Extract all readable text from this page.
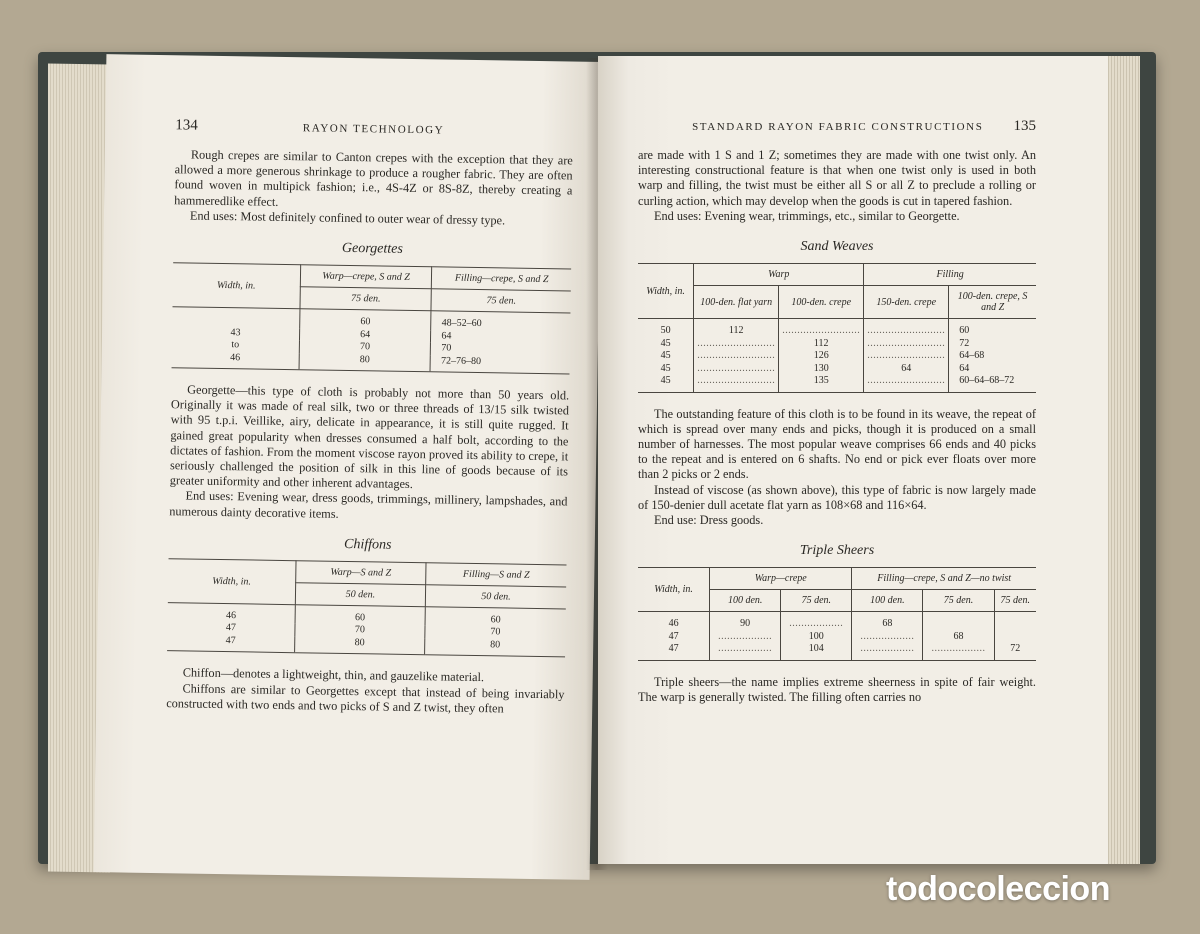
134	RAYON TECHNOLOGY

Rough crepes are similar to Canton crepes with the exception that they are allowed a more generous shrinkage to produce a rougher fabric. They are often found woven in multipick fashion; i.e., 4S-4Z or 8S-8Z, thereby creating a hammeredlike effect.

End uses: Most definitely confined to outer wear of dressy type.

Georgettes
Width, in.	Warp—crepe, S and Z	Filling—crepe, S and Z
	75 den.	75 den.
	60	48–52–60
43	64	64
to	70	70
46	80	72–76–80

Georgette—this type of cloth is probably not more than 50 years old. Originally it was made of real silk, two or three threads of 13/15 silk twisted with 95 t.p.i. Veillike, airy, delicate in appearance, it is still quite rugged. It gained great popularity when dresses consumed a half bolt, according to the dictates of fashion. From the moment viscose rayon proved its ability to crepe, it seriously challenged the position of silk in this line of goods because of its greater uniformity and other inherent advantages.

End uses: Evening wear, dress goods, trimmings, millinery, lampshades, and numerous dainty decorative items.

Chiffons
Width, in.	Warp—S and Z	Filling—S and Z
	50 den.	50 den.
46	60	60
47	70	70
47	80	80

Chiffon—denotes a lightweight, thin, and gauzelike material.

Chiffons are similar to Georgettes except that instead of being invariably constructed with two ends and two picks of S and Z twist, they often

STANDARD RAYON FABRIC CONSTRUCTIONS 135

are made with 1 S and 1 Z; sometimes they are made with one twist only. An interesting constructional feature is that when one twist only is used in both warp and filling, the twist must be either all S or all Z to preclude a rolling or curling action, which may develop when the goods is cut in tapered fashion.

End uses: Evening wear, trimmings, etc., similar to Georgette.

Sand Weaves
Width, in.	Warp		Filling	
	100-den. flat yarn	100-den. crepe	150-den. crepe	100-den. crepe, S and Z
50	112	..........................	..........................	60
45	..........................	112	..........................	72
45	..........................	126	..........................	64–68
45	..........................	130	64	64
45	..........................	135	..........................	60–64–68–72

The outstanding feature of this cloth is to be found in its weave, the repeat of which is spread over many ends and picks, though it is produced on a small number of harnesses. The most popular weave comprises 66 ends and 40 picks to the repeat and is entered on 6 shafts. No end or pick ever floats over more than 2 picks or 2 ends.

Instead of viscose (as shown above), this type of fabric is now largely made of 150-denier dull acetate flat yarn as 108×68 and 116×64.

End use: Dress goods.

Triple Sheers
Width, in.	Warp—crepe		Filling—crepe, S and Z—no twist		
	100 den.	75 den.	100 den.	75 den.	75 den.
46	90	..................	68		
47	..................	100	..................	68	
47	..................	104	..................	..................	72

Triple sheers—the name implies extreme sheerness in spite of fair weight. The warp is generally twisted. The filling often carries no

todocoleccion
